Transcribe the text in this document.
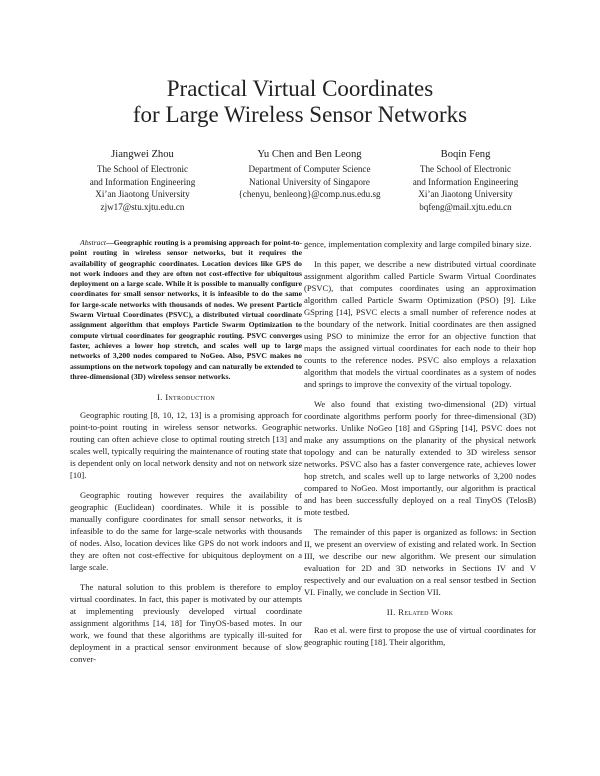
Practical Virtual Coordinates
for Large Wireless Sensor Networks
Jiangwei Zhou
The School of Electronic
and Information Engineering
Xi’an Jiaotong University
zjw17@stu.xjtu.edu.cn
Yu Chen and Ben Leong
Department of Computer Science
National University of Singapore
{chenyu, benleong}@comp.nus.edu.sg
Boqin Feng
The School of Electronic
and Information Engineering
Xi’an Jiaotong University
bqfeng@mail.xjtu.edu.cn

Abstract—Geographic routing is a promising approach for point-to-point routing in wireless sensor networks, but it requires the availability of geographic coordinates. Location devices like GPS do not work indoors and they are often not cost-effective for ubiquitous deployment on a large scale. While it is possible to manually configure coordinates for small sensor networks, it is infeasible to do the same for large-scale networks with thousands of nodes. We present Particle Swarm Virtual Coordinates (PSVC), a distributed virtual coordinate assignment algorithm that employs Particle Swarm Optimization to compute virtual coordinates for geographic routing. PSVC converges faster, achieves a lower hop stretch, and scales well up to large networks of 3,200 nodes compared to NoGeo. Also, PSVC makes no assumptions on the network topology and can naturally be extended to three-dimensional (3D) wireless sensor networks.

I. Introduction

Geographic routing [8, 10, 12, 13] is a promising approach for point-to-point routing in wireless sensor networks. Geographic routing can often achieve close to optimal routing stretch [13] and scales well, typically requiring the maintenance of routing state that is dependent only on local network density and not on network size [10].

Geographic routing however requires the availability of geographic (Euclidean) coordinates. While it is possible to manually configure coordinates for small sensor networks, it is infeasible to do the same for large-scale networks with thousands of nodes. Also, location devices like GPS do not work indoors and they are often not cost-effective for ubiquitous deployment on a large scale.

The natural solution to this problem is therefore to employ virtual coordinates. In fact, this paper is motivated by our attempts at implementing previously developed virtual coordinate assignment algorithms [14, 18] for TinyOS-based motes. In our work, we found that these algorithms are typically ill-suited for deployment in a practical sensor environment because of slow conver-

gence, implementation complexity and large compiled binary size.

In this paper, we describe a new distributed virtual coordinate assignment algorithm called Particle Swarm Virtual Coordinates (PSVC), that computes coordinates using an approximation algorithm called Particle Swarm Optimization (PSO) [9]. Like GSpring [14], PSVC elects a small number of reference nodes at the boundary of the network. Initial coordinates are then assigned using PSO to minimize the error for an objective function that maps the assigned virtual coordinates for each node to their hop counts to the reference nodes. PSVC also employs a relaxation algorithm that models the virtual coordinates as a system of nodes and springs to improve the convexity of the virtual topology.

We also found that existing two-dimensional (2D) virtual coordinate algorithms perform poorly for three-dimensional (3D) networks. Unlike NoGeo [18] and GSpring [14], PSVC does not make any assumptions on the planarity of the physical network topology and can be naturally extended to 3D wireless sensor networks. PSVC also has a faster convergence rate, achieves lower hop stretch, and scales well up to large networks of 3,200 nodes compared to NoGeo. Most importantly, our algorithm is practical and has been successfully deployed on a real TinyOS (TelosB) mote testbed.

The remainder of this paper is organized as follows: in Section II, we present an overview of existing and related work. In Section III, we describe our new algorithm. We present our simulation evaluation for 2D and 3D networks in Sections IV and V respectively and our evaluation on a real sensor testbed in Section VI. Finally, we conclude in Section VII.

II. Related Work

Rao et al. were first to propose the use of virtual coordinates for geographic routing [18]. Their algorithm,
